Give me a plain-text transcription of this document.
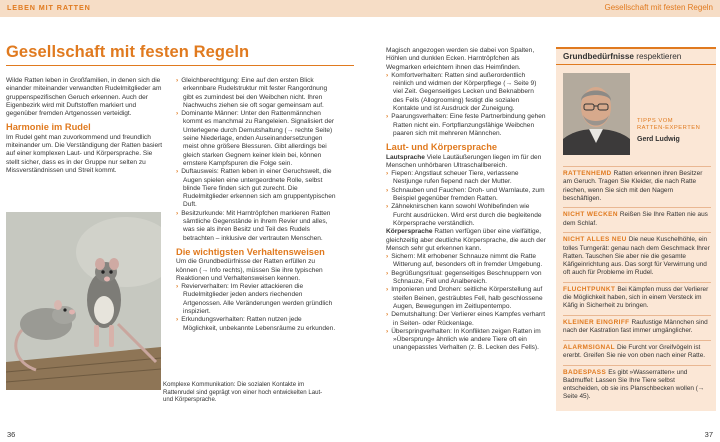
LEBEN MIT RATTEN	Gesellschaft mit festen Regeln
Gesellschaft mit festen Regeln

Wilde Ratten leben in Großfamilien, in denen sich die einander miteinander verwandten Rudelmitglieder am gruppenspezifischen Geruch erkennen. Auch der Eigenbezirk wird mit Duftstoffen markiert und gegenüber fremden Artgenossen verteidigt.

Harmonie im Rudel

Im Rudel geht man zuvorkommend und freundlich miteinander um. Die Verständigung der Ratten basiert auf einer komplexen Laut- und Körpersprache. Sie stellt sicher, dass es in der Gruppe nur selten zu Missverständnissen und Streit kommt.

Komplexe Kommunikation: Die sozialen Kontakte im Rattenrudel sind geprägt von einer hoch entwickelten Laut- und Körpersprache.
› Gleichberechtigung: Eine auf den ersten Blick erkennbare Rudelstruktur mit fester Rangordnung gibt es zumindest bei den Weibchen nicht. Ihren Nachwuchs ziehen sie oft sogar gemeinsam auf.
› Dominante Männer: Unter den Rattenmännchen kommt es manchmal zu Rangeleien. Signalisiert der Unterlegene durch Demutshaltung (→ rechte Seite) seine Niederlage, enden Auseinandersetzungen meist ohne größere Blessuren. Gibt allerdings bei gleich starken Gegnern keiner klein bei, können ernstere Kampfspuren die Folge sein.
› Duftausweis: Ratten leben in einer Geruchswelt, die Augen spielen eine untergeordnete Rolle, selbst blinde Tiere finden sich gut zurecht. Die Rudelmitglieder erkennen sich am gruppentypischen Duft.
› Besitzurkunde: Mit Harntröpfchen markieren Ratten sämtliche Gegenstände in ihrem Revier und alles, was sie als ihren Besitz und Teil des Rudels betrachten – inklusive der vertrauten Menschen.
Die wichtigsten Verhaltensweisen

Um die Grundbedürfnisse der Ratten erfüllen zu können (→ Info rechts), müssen Sie ihre typischen Reaktionen und Verhaltensweisen kennen.

› Revierverhalten: Im Revier attackieren die Rudelmitglieder jeden anders riechenden Artgenossen. Alle Veränderungen werden gründlich inspiziert.
› Erkundungsverhalten: Ratten nutzen jede Möglichkeit, unbekannte Lebensräume zu erkunden.

Magisch angezogen werden sie dabei von Spalten, Höhlen und dunklen Ecken. Harntröpfchen als Wegmarken erleichtern ihnen das Heimfinden.

› Komfortverhalten: Ratten sind außerordentlich reinlich und widmen der Körperpflege (→ Seite 9) viel Zeit. Gegenseitiges Lecken und Beknabbern des Fells (Allogrooming) festigt die sozialen Kontakte und ist Ausdruck der Zuneigung.
› Paarungsverhalten: Eine feste Partnerbindung gehen Ratten nicht ein. Fortpflanzungsfähige Weibchen paaren sich mit mehreren Männchen.
Laut- und Körpersprache

Lautsprache Viele Lautäußerungen liegen im für den Menschen unhörbaren Ultraschallbereich.

› Fiepen: Angstlaut scheuer Tiere, verlassene Nestjunge rufen fiepend nach der Mutter.
› Schnauben und Fauchen: Droh- und Warnlaute, zum Beispiel gegenüber fremden Ratten.
› Zähneknirschen kann sowohl Wohlbefinden wie Furcht ausdrücken. Wird erst durch die begleitende Körpersprache verständlich.

Körpersprache Ratten verfügen über eine vielfältige, gleichzeitig aber deutliche Körpersprache, die auch der Mensch sehr gut erkennen kann.

› Sichern: Mit erhobener Schnauze nimmt die Ratte Witterung auf, besonders oft in fremder Umgebung.
› Begrüßungsritual: gegenseitiges Beschnuppern von Schnauze, Fell und Analbereich.
› Imponieren und Drohen: seitliche Körperstellung auf steifen Beinen, gesträubtes Fell, halb geschlossene Augen, Bewegungen im Zeitlupentempo.
› Demutshaltung: Der Verlierer eines Kampfes verharrt in Seiten- oder Rückenlage.
› Überspringverhalten: In Konflikten zeigen Ratten im »Übersprung« ähnlich wie andere Tiere oft ein unangepasstes Verhalten (z. B. Lecken des Fells).
Grundbedürfnisse respektieren
TIPPS VOM
RATTEN-EXPERTEN
Gerd Ludwig
RATTENHEMD Ratten erkennen ihren Besitzer am Geruch. Tragen Sie Kleider, die nach Ratte riechen, wenn Sie sich mit den Nagern beschäftigen.
NICHT WECKEN Reißen Sie Ihre Ratten nie aus dem Schlaf.
NICHT ALLES NEU Die neue Kuschelhöhle, ein tolles Turngerät: genau nach dem Geschmack Ihrer Ratten. Tauschen Sie aber nie die gesamte Käfigeinrichtung aus. Das sorgt für Verwirrung und oft auch für Probleme im Rudel.
FLUCHTPUNKT Bei Kämpfen muss der Verlierer die Möglichkeit haben, sich in einem Versteck im Käfig in Sicherheit zu bringen.
KLEINER EINGRIFF Raufustige Männchen sind nach der Kastration fast immer umgänglicher.
ALARMSIGNAL Die Furcht vor Greifvögeln ist ererbt. Greifen Sie nie von oben nach einer Ratte.
BADESPASS Es gibt »Wasserratten« und Badmuffel: Lassen Sie Ihre Tiere selbst entscheiden, ob sie ins Planschbecken wollen (→ Seite 45).
36	37
